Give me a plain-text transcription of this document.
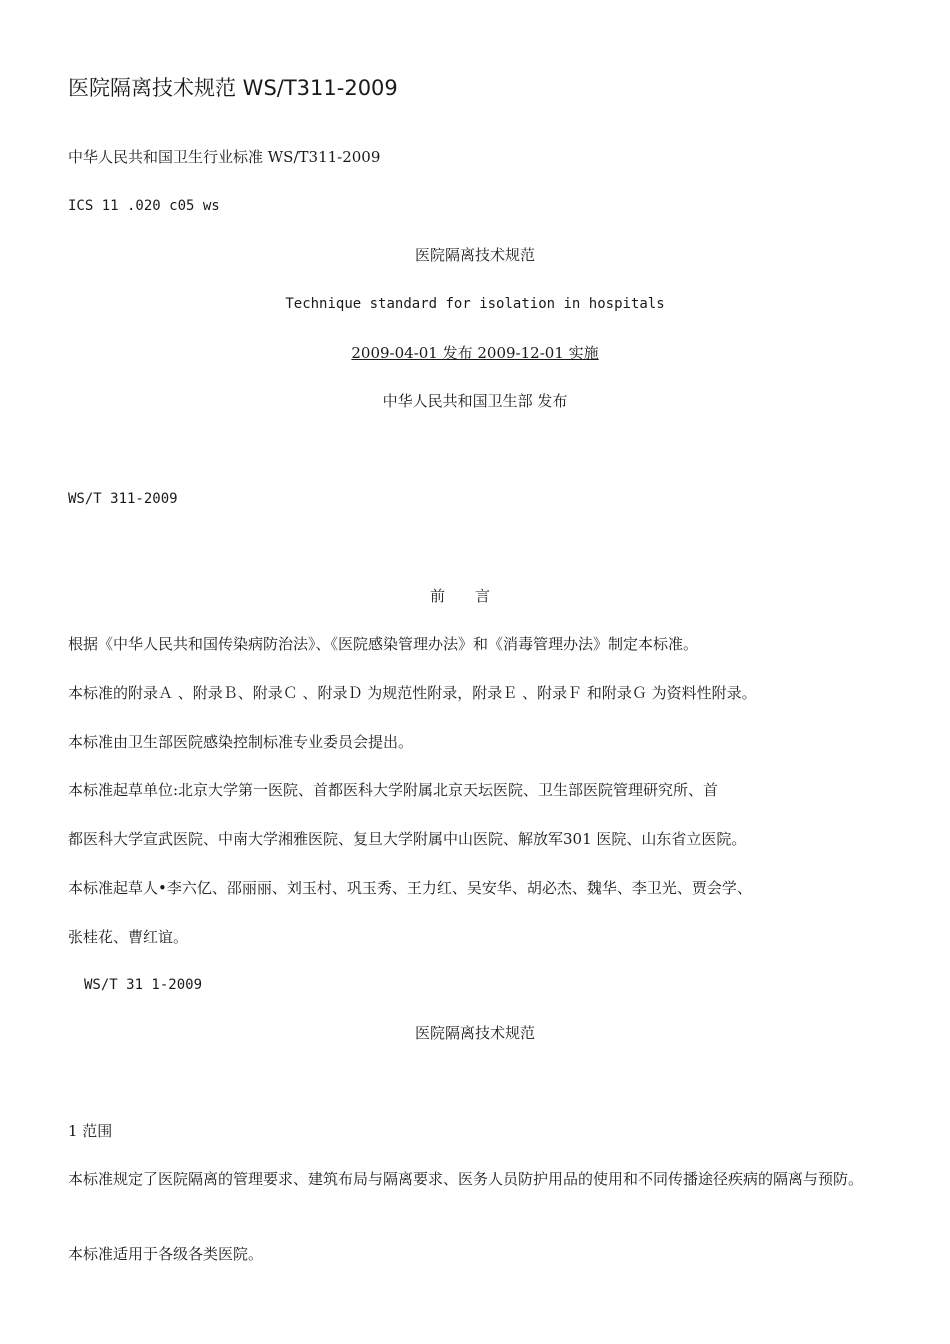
医院隔离技术规范 WS/T311-2009
中华人民共和国卫生行业标准 WS/T311-2009
ICS 11 .020 c05 ws
医院隔离技术规范
Technique standard for isolation in hospitals
2009-04-01 发布 2009-12-01 实施
中华人民共和国卫生部 发布
WS/T 311-2009
前言
根据《中华人民共和国传染病防治法》、《医院感染管理办法》和《消毒管理办法》制定本标准。
本标准的附录Ａ 、附录Ｂ、附录Ｃ 、附录Ｄ 为规范性附录，附录Ｅ 、附录Ｆ 和附录Ｇ 为资料性附录。
本标准由卫生部医院感染控制标准专业委员会提出。
本标准起草单位:北京大学第一医院、首都医科大学附属北京天坛医院、卫生部医院管理研究所、首
都医科大学宣武医院、中南大学湘雅医院、复旦大学附属中山医院、解放军301 医院、山东省立医院。
本标准起草人•李六亿、邵丽丽、刘玉村、巩玉秀、王力红、吴安华、胡必杰、魏华、李卫光、贾会学、
张桂花、曹红谊。
WS/T 31 1-2009
医院隔离技术规范
1 范围
本标准规定了医院隔离的管理要求、建筑布局与隔离要求、医务人员防护用品的使用和不同传播途径疾病的隔离与预防。
本标准适用于各级各类医院。
